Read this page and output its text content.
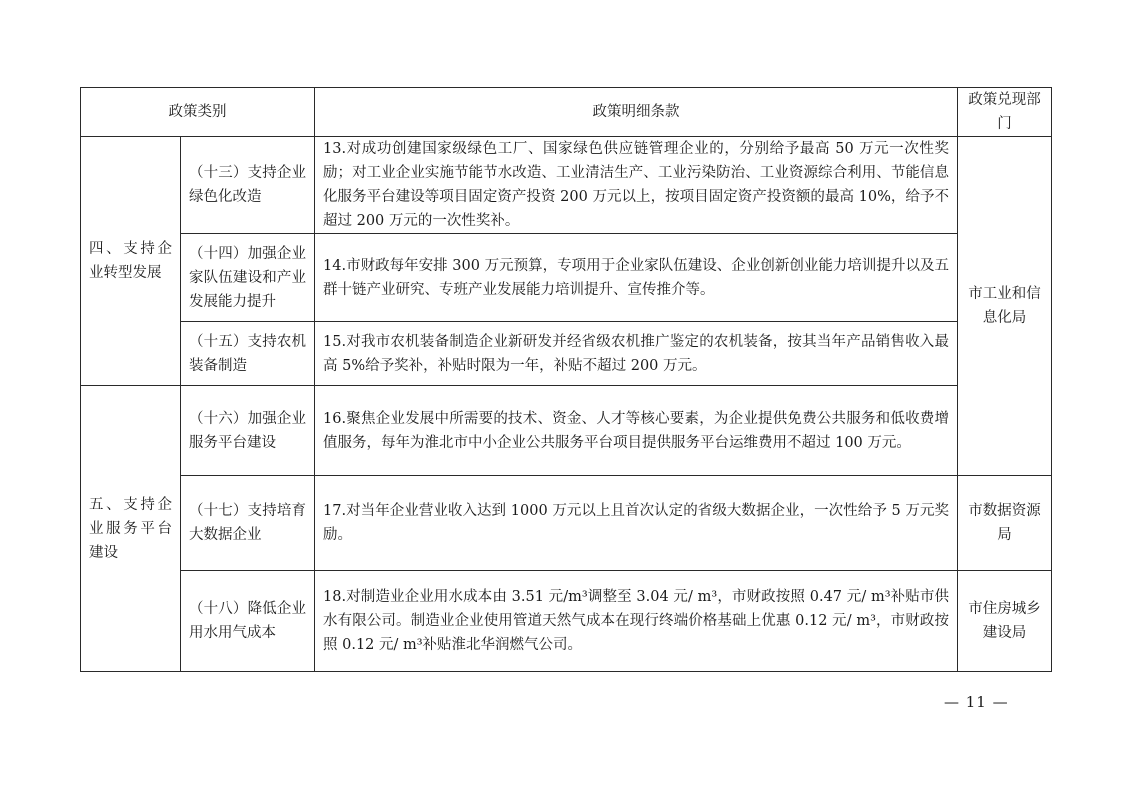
政策类别		政策明细条款	政策兑现部门
四、支持企业转型发展	（十三）支持企业绿色化改造	13.对成功创建国家级绿色工厂、国家绿色供应链管理企业的，分别给予最高 50 万元一次性奖励；对工业企业实施节能节水改造、工业清洁生产、工业污染防治、工业资源综合利用、节能信息化服务平台建设等项目固定资产投资 200 万元以上，按项目固定资产投资额的最高 10%，给予不超过 200 万元的一次性奖补。	市工业和信息化局
	（十四）加强企业家队伍建设和产业发展能力提升	14.市财政每年安排 300 万元预算，专项用于企业家队伍建设、企业创新创业能力培训提升以及五群十链产业研究、专班产业发展能力培训提升、宣传推介等。	
	（十五）支持农机装备制造	15.对我市农机装备制造企业新研发并经省级农机推广鉴定的农机装备，按其当年产品销售收入最高 5%给予奖补，补贴时限为一年，补贴不超过 200 万元。	
五、支持企业服务平台建设	（十六）加强企业服务平台建设	16.聚焦企业发展中所需要的技术、资金、人才等核心要素，为企业提供免费公共服务和低收费增值服务，每年为淮北市中小企业公共服务平台项目提供服务平台运维费用不超过 100 万元。	
	（十七）支持培育大数据企业	17.对当年企业营业收入达到 1000 万元以上且首次认定的省级大数据企业，一次性给予 5 万元奖励。	市数据资源局
	（十八）降低企业用水用气成本	18.对制造业企业用水成本由 3.51 元/m³调整至 3.04 元/ m³，市财政按照 0.47 元/ m³补贴市供水有限公司。制造业企业使用管道天然气成本在现行终端价格基础上优惠 0.12 元/ m³，市财政按照 0.12 元/ m³补贴淮北华润燃气公司。	市住房城乡建设局
— 11 —
